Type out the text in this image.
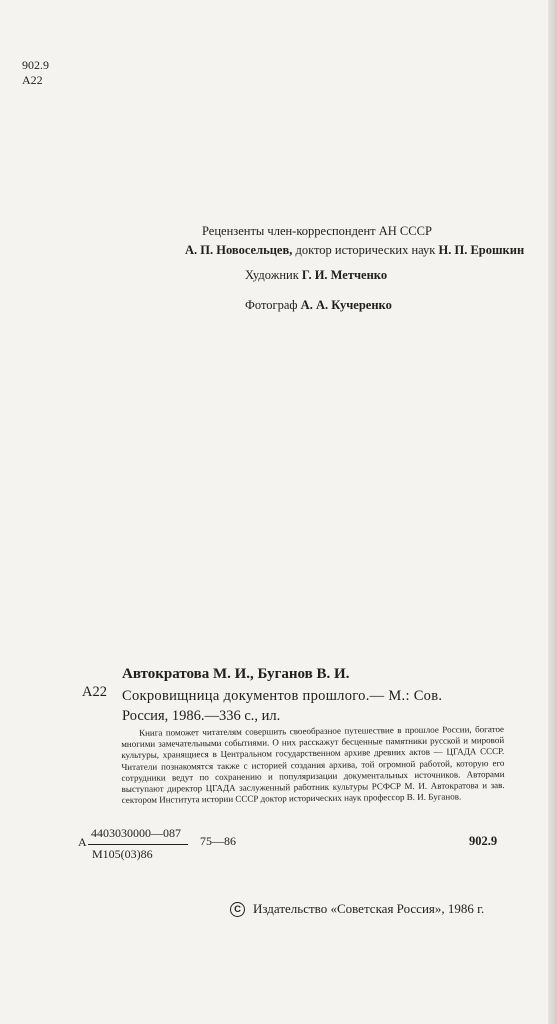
902.9
A22
Рецензенты член-корреспондент АН СССР
А. П. Новосельцев, доктор исторических наук Н. П. Ерошкин
Художник Г. И. Метченко
Фотограф А. А. Кучеренко
А22
Автократова М. И., Буганов В. И.
Сокровищница документов прошлого.— М.: Сов.
Россия, 1986.—336 с., ил.
Книга поможет читателям совершить своеобразное путешествие в прошлое России, богатое многими замечательными событиями. О них расскажут бесценные памятники русской и мировой культуры, хранящиеся в Центральном государственном архиве древних актов — ЦГАДА СССР. Читатели познакомятся также с историей создания архива, той огромной работой, которую его сотрудники ведут по сохранению и популяризации документальных источников. Авторами выступают директор ЦГАДА заслуженный работник культуры РСФСР М. И. Автократова и зав. сектором Института истории СССР доктор исторических наук профессор В. И. Буганов.
А
4403030000—087
М105(03)86
75—86	902.9
C Издательство «Советская Россия», 1986 г.
